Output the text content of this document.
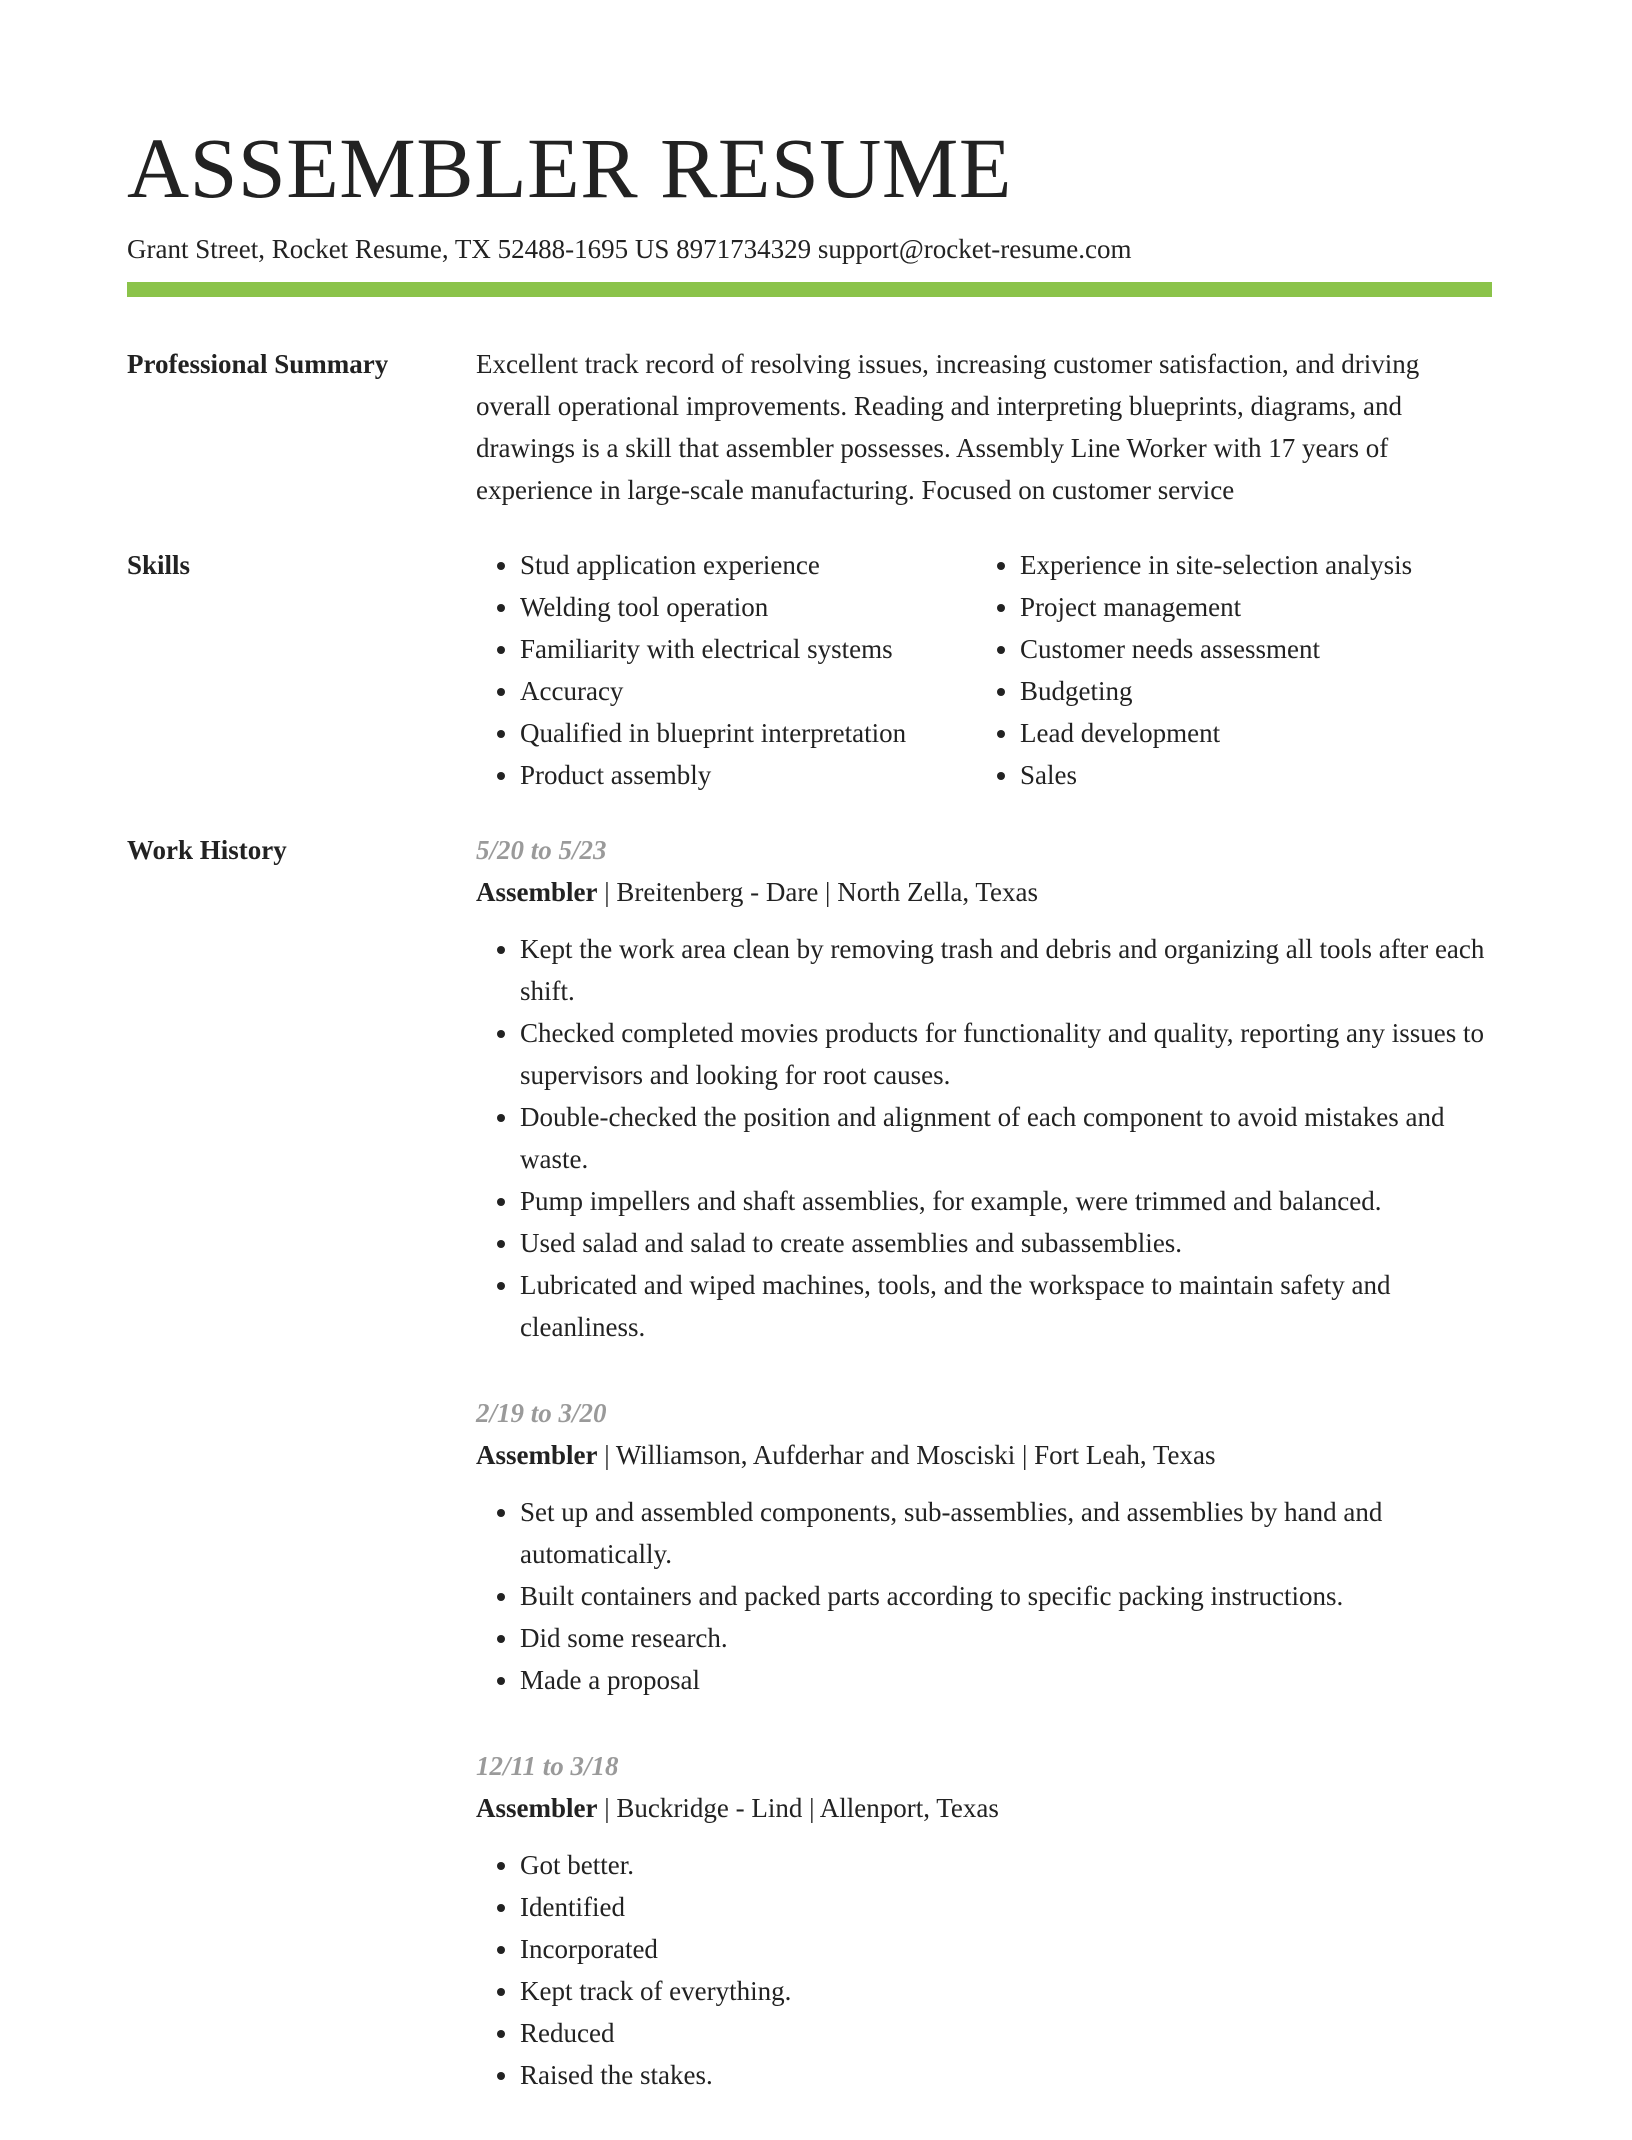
ASSEMBLER RESUME
Grant Street, Rocket Resume, TX 52488-1695 US 8971734329 support@rocket-resume.com
Professional Summary	Excellent track record of resolving issues, increasing customer satisfaction, and driving overall operational improvements. Reading and interpreting blueprints, diagrams, and drawings is a skill that assembler possesses. Assembly Line Worker with 17 years of experience in large-scale manufacturing. Focused on customer service
Skills
•	Stud application experience
• Welding tool operation
• Familiarity with electrical systems
• Accuracy
• Qualified in blueprint interpretation
• Product assembly
• Experience in site-selection analysis
• Project management
• Customer needs assessment
• Budgeting
• Lead development
• Sales
Work History	5/20 to 5/23
Assembler | Breitenberg - Dare | North Zella, Texas
• Kept the work area clean by removing trash and debris and organizing all tools after each shift.
• Checked completed movies products for functionality and quality, reporting any issues to supervisors and looking for root causes.
• Double-checked the position and alignment of each component to avoid mistakes and waste.
• Pump impellers and shaft assemblies, for example, were trimmed and balanced.
• Used salad and salad to create assemblies and subassemblies.
• Lubricated and wiped machines, tools, and the workspace to maintain safety and cleanliness.
2/19 to 3/20
Assembler | Williamson, Aufderhar and Mosciski | Fort Leah, Texas
• Set up and assembled components, sub-assemblies, and assemblies by hand and automatically.
• Built containers and packed parts according to specific packing instructions.
• Did some research.
• Made a proposal
12/11 to 3/18
Assembler | Buckridge - Lind | Allenport, Texas
• Got better.
• Identified
• Incorporated
• Kept track of everything.
• Reduced
• Raised the stakes.
